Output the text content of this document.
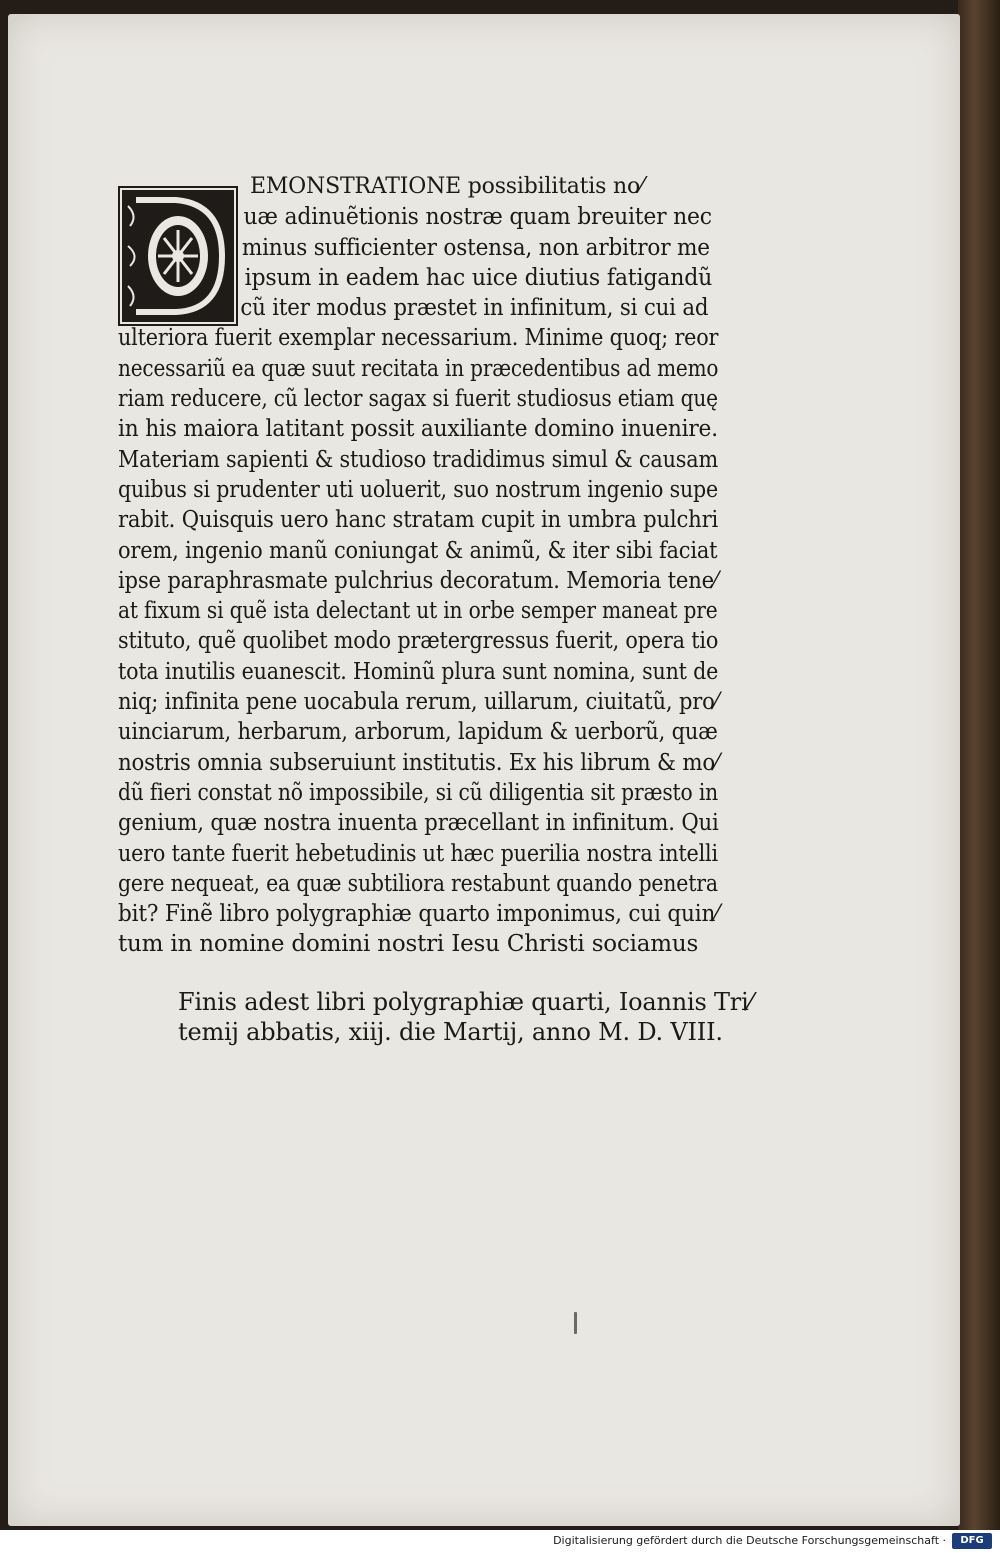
EMONSTRATIONE possibilitatis no⁄
uæ adinuẽtionis nostræ quam breuiter nec
minus sufficienter ostensa, non arbitror me
ipsum in eadem hac uice diutius fatigandũ
cũ iter modus præstet in infinitum, si cui ad
ulteriora fuerit exemplar necessarium. Minime quoq; reor
necessariũ ea quæ suut recitata in præcedentibus ad memo
riam reducere, cũ lector sagax si fuerit studiosus etiam quę
in his maiora latitant possit auxiliante domino inuenire.
Materiam sapienti & studioso tradidimus simul & causam
quibus si prudenter uti uoluerit, suo nostrum ingenio supe
rabit. Quisquis uero hanc stratam cupit in umbra pulchri
orem, ingenio manũ coniungat & animũ, & iter sibi faciat
ipse paraphrasmate pulchrius decoratum. Memoria tene⁄
at fixum si quẽ ista delectant ut in orbe semper maneat pre
stituto, quẽ quolibet modo prætergressus fuerit, opera tio
tota inutilis euanescit. Hominũ plura sunt nomina, sunt de
niq; infinita pene uocabula rerum, uillarum, ciuitatũ, pro⁄
uinciarum, herbarum, arborum, lapidum & uerborũ, quæ
nostris omnia subseruiunt institutis. Ex his librum & mo⁄
dũ fieri constat nõ impossibile, si cũ diligentia sit præsto in
genium, quæ nostra inuenta præcellant in infinitum. Qui
uero tante fuerit hebetudinis ut hæc puerilia nostra intelli
gere nequeat, ea quæ subtiliora restabunt quando penetra
bit? Finẽ libro polygraphiæ quarto imponimus, cui quin⁄
tum in nomine domini nostri Iesu Christi sociamus
Finis adest libri polygraphiæ quarti, Ioannis Tri⁄
temij abbatis, xiij. die Martij, anno M. D. VIII.
Digitalisierung gefördert durch die Deutsche Forschungsgemeinschaft ·	DFG
